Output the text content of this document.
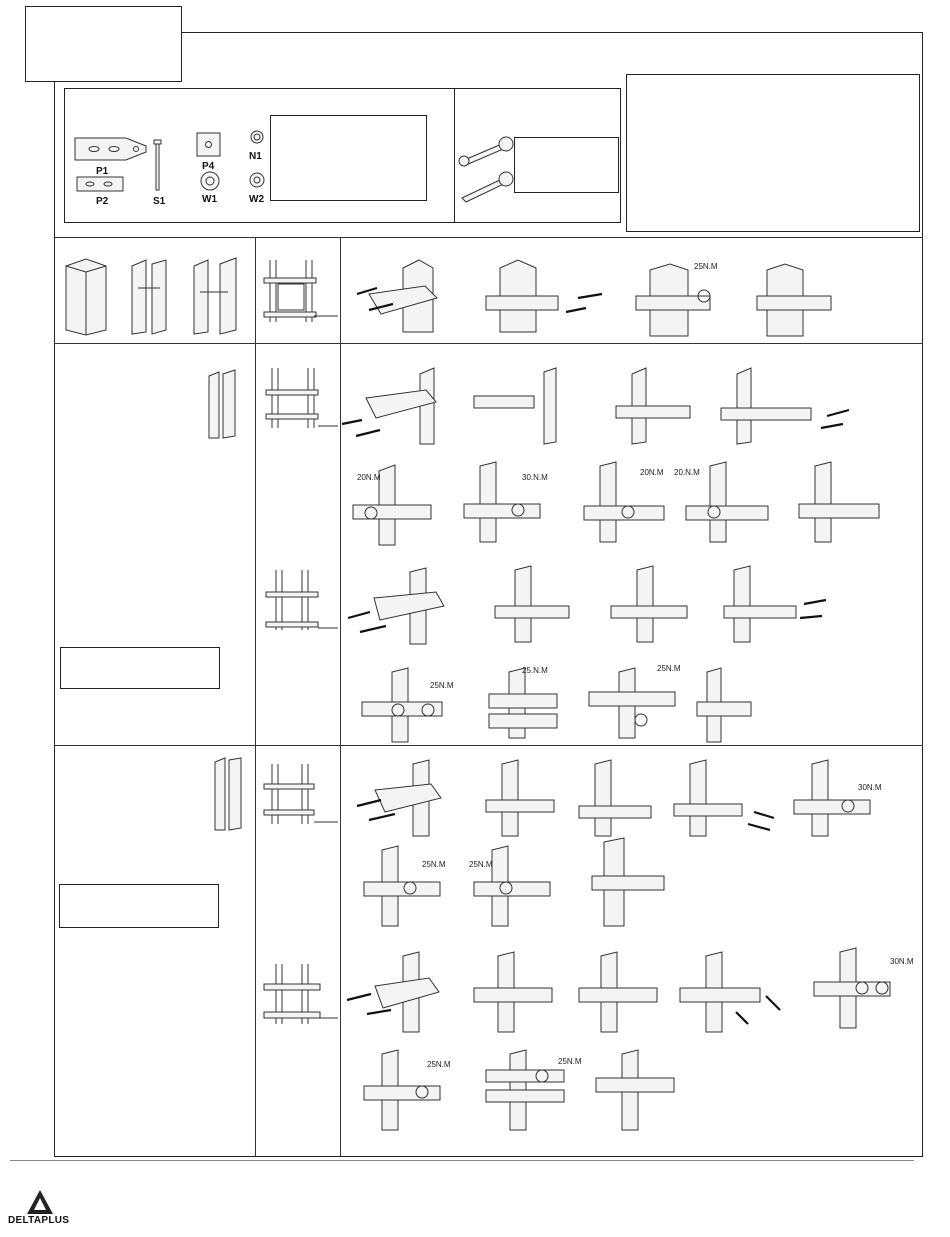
P1
P2	S1
P4
W1
N1
W2
25N.M
20N.M	30.N.M
20N.M 20.N.M
25N.M
25.N.M	25N.M
30N.M
25N.M	25N.M
30N.M
25N.M	25N.M
DELTAPLUS
